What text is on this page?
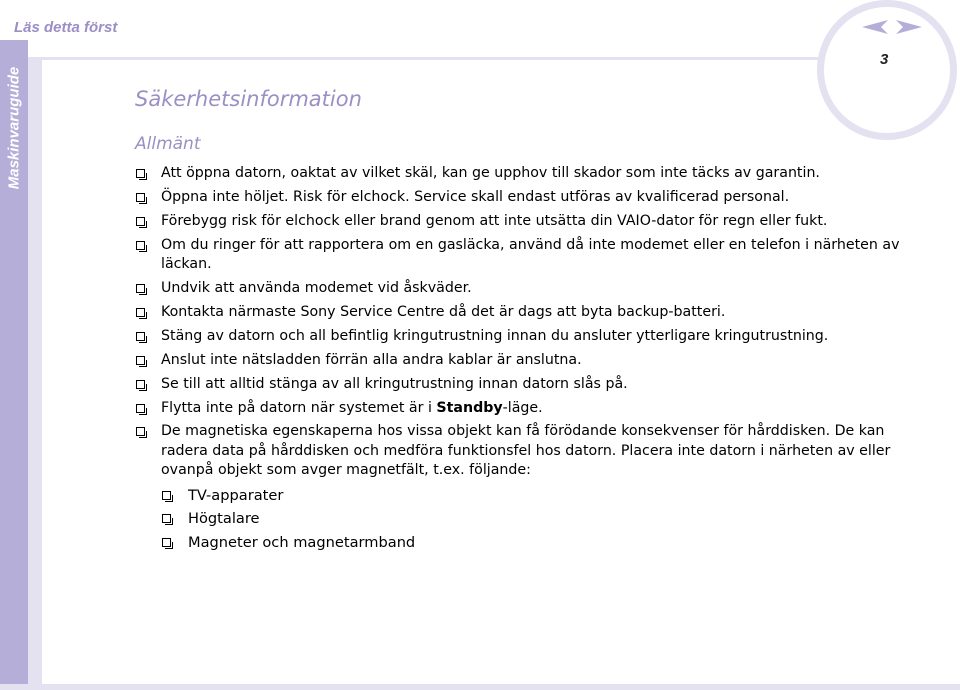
Läs detta först
Maskinvaruguide
3
Säkerhetsinformation
Allmänt
Att öppna datorn, oaktat av vilket skäl, kan ge upphov till skador som inte täcks av garantin.
Öppna inte höljet. Risk för elchock. Service skall endast utföras av kvalificerad personal.
Förebygg risk för elchock eller brand genom att inte utsätta din VAIO-dator för regn eller fukt.
Om du ringer för att rapportera om en gasläcka, använd då inte modemet eller en telefon i närheten av läckan.
Undvik att använda modemet vid åskväder.
Kontakta närmaste Sony Service Centre då det är dags att byta backup-batteri.
Stäng av datorn och all befintlig kringutrustning innan du ansluter ytterligare kringutrustning.
Anslut inte nätsladden förrän alla andra kablar är anslutna.
Se till att alltid stänga av all kringutrustning innan datorn slås på.
Flytta inte på datorn när systemet är i Standby-läge.
De magnetiska egenskaperna hos vissa objekt kan få förödande konsekvenser för hårddisken. De kan radera data på hårddisken och medföra funktionsfel hos datorn. Placera inte datorn i närheten av eller ovanpå objekt som avger magnetfält, t.ex. följande:
TV-apparater
Högtalare
Magneter och magnetarmband
